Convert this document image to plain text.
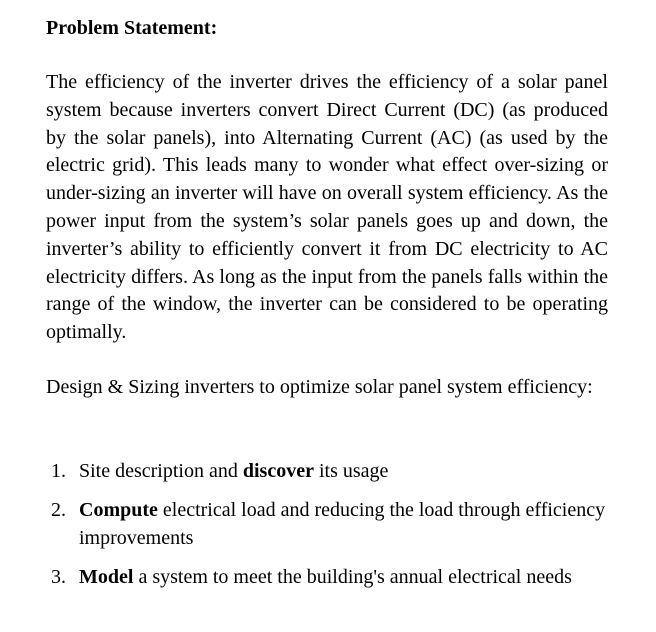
Problem Statement:

The efficiency of the inverter drives the efficiency of a solar panel system because inverters convert Direct Current (DC) (as produced by the solar panels), into Alternating Current (AC) (as used by the electric grid). This leads many to wonder what effect over-sizing or under-sizing an inverter will have on overall system efficiency. As the power input from the system’s solar panels goes up and down, the inverter’s ability to efficiently convert it from DC electricity to AC electricity differs. As long as the input from the panels falls within the range of the window, the inverter can be considered to be operating optimally.

Design & Sizing inverters to optimize solar panel system efficiency:

1. Site description and discover its usage
2. Compute electrical load and reducing the load through efficiency improvements
3. Model a system to meet the building's annual electrical needs
